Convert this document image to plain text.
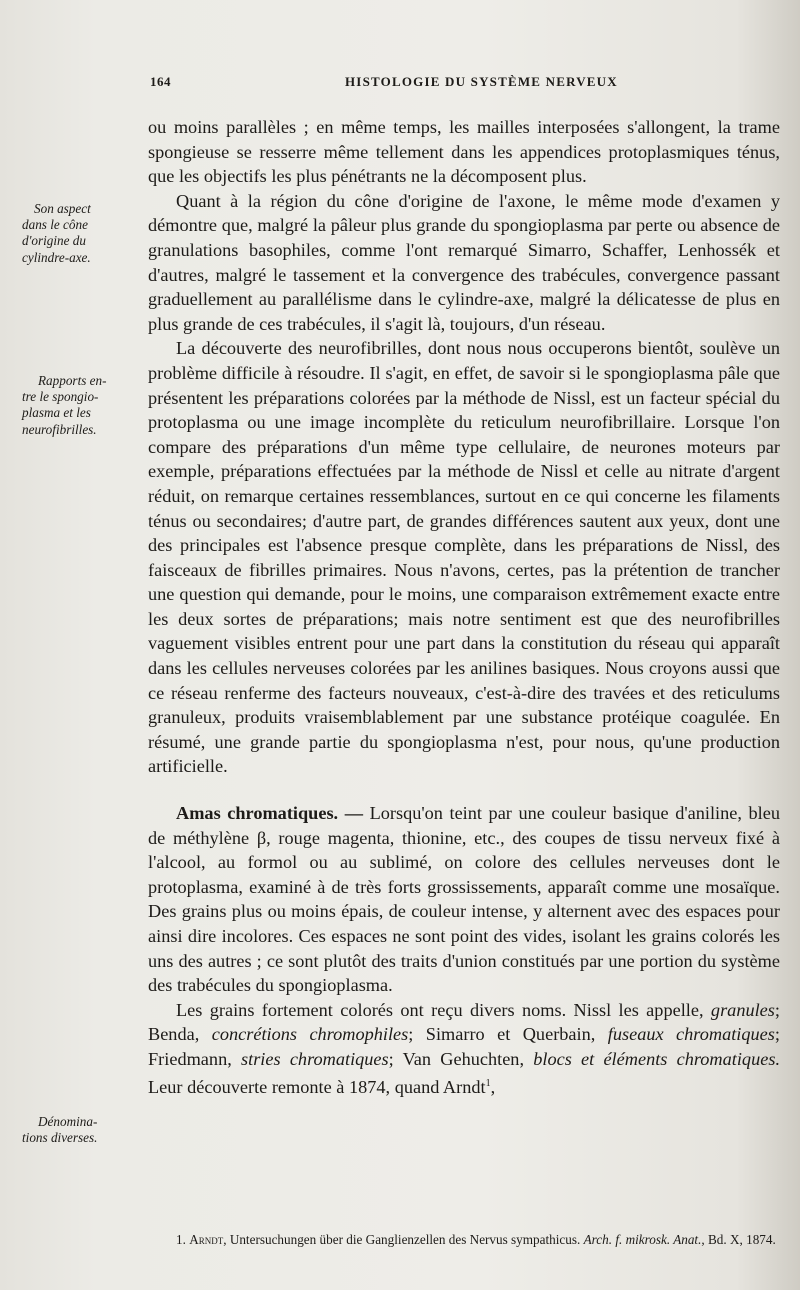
164	HISTOLOGIE DU SYSTÈME NERVEUX
Son aspect
dans le cône
d'origine du
cylindre-axe.
Rapports en-
tre le spongio-
plasma et les
neurofibrilles.
Dénomina-
tions diverses.

ou moins parallèles ; en même temps, les mailles interposées s'allongent, la trame spongieuse se resserre même tellement dans les appendices protoplasmiques ténus, que les objectifs les plus pénétrants ne la décomposent plus.

Quant à la région du cône d'origine de l'axone, le même mode d'examen y démontre que, malgré la pâleur plus grande du spongioplasma par perte ou absence de granulations basophiles, comme l'ont remarqué Simarro, Schaffer, Lenhossék et d'autres, malgré le tassement et la convergence des trabécules, convergence passant graduellement au parallélisme dans le cylindre-axe, malgré la délicatesse de plus en plus grande de ces trabécules, il s'agit là, toujours, d'un réseau.

La découverte des neurofibrilles, dont nous nous occuperons bientôt, soulève un problème difficile à résoudre. Il s'agit, en effet, de savoir si le spongioplasma pâle que présentent les préparations colorées par la méthode de Nissl, est un facteur spécial du protoplasma ou une image incomplète du reticulum neurofibrillaire. Lorsque l'on compare des préparations d'un même type cellulaire, de neurones moteurs par exemple, préparations effectuées par la méthode de Nissl et celle au nitrate d'argent réduit, on remarque certaines ressemblances, surtout en ce qui concerne les filaments ténus ou secondaires; d'autre part, de grandes différences sautent aux yeux, dont une des principales est l'absence presque complète, dans les préparations de Nissl, des faisceaux de fibrilles primaires. Nous n'avons, certes, pas la prétention de trancher une question qui demande, pour le moins, une comparaison extrêmement exacte entre les deux sortes de préparations; mais notre sentiment est que des neurofibrilles vaguement visibles entrent pour une part dans la constitution du réseau qui apparaît dans les cellules nerveuses colorées par les anilines basiques. Nous croyons aussi que ce réseau renferme des facteurs nouveaux, c'est-à-dire des travées et des reticulums granuleux, produits vraisemblablement par une substance protéique coagulée. En résumé, une grande partie du spongioplasma n'est, pour nous, qu'une production artificielle.

Amas chromatiques. — Lorsqu'on teint par une couleur basique d'aniline, bleu de méthylène β, rouge magenta, thionine, etc., des coupes de tissu nerveux fixé à l'alcool, au formol ou au sublimé, on colore des cellules nerveuses dont le protoplasma, examiné à de très forts grossissements, apparaît comme une mosaïque. Des grains plus ou moins épais, de couleur intense, y alternent avec des espaces pour ainsi dire incolores. Ces espaces ne sont point des vides, isolant les grains colorés les uns des autres ; ce sont plutôt des traits d'union constitués par une portion du système des trabécules du spongioplasma.

Les grains fortement colorés ont reçu divers noms. Nissl les appelle, granules; Benda, concrétions chromophiles; Simarro et Querbain, fuseaux chromatiques; Friedmann, stries chromatiques; Van Gehuchten, blocs et éléments chromatiques. Leur découverte remonte à 1874, quand Arndt$^1$,

1. Arndt, Untersuchungen über die Ganglienzellen des Nervus sympathicus. Arch. f. mikrosk. Anat., Bd. X, 1874.
